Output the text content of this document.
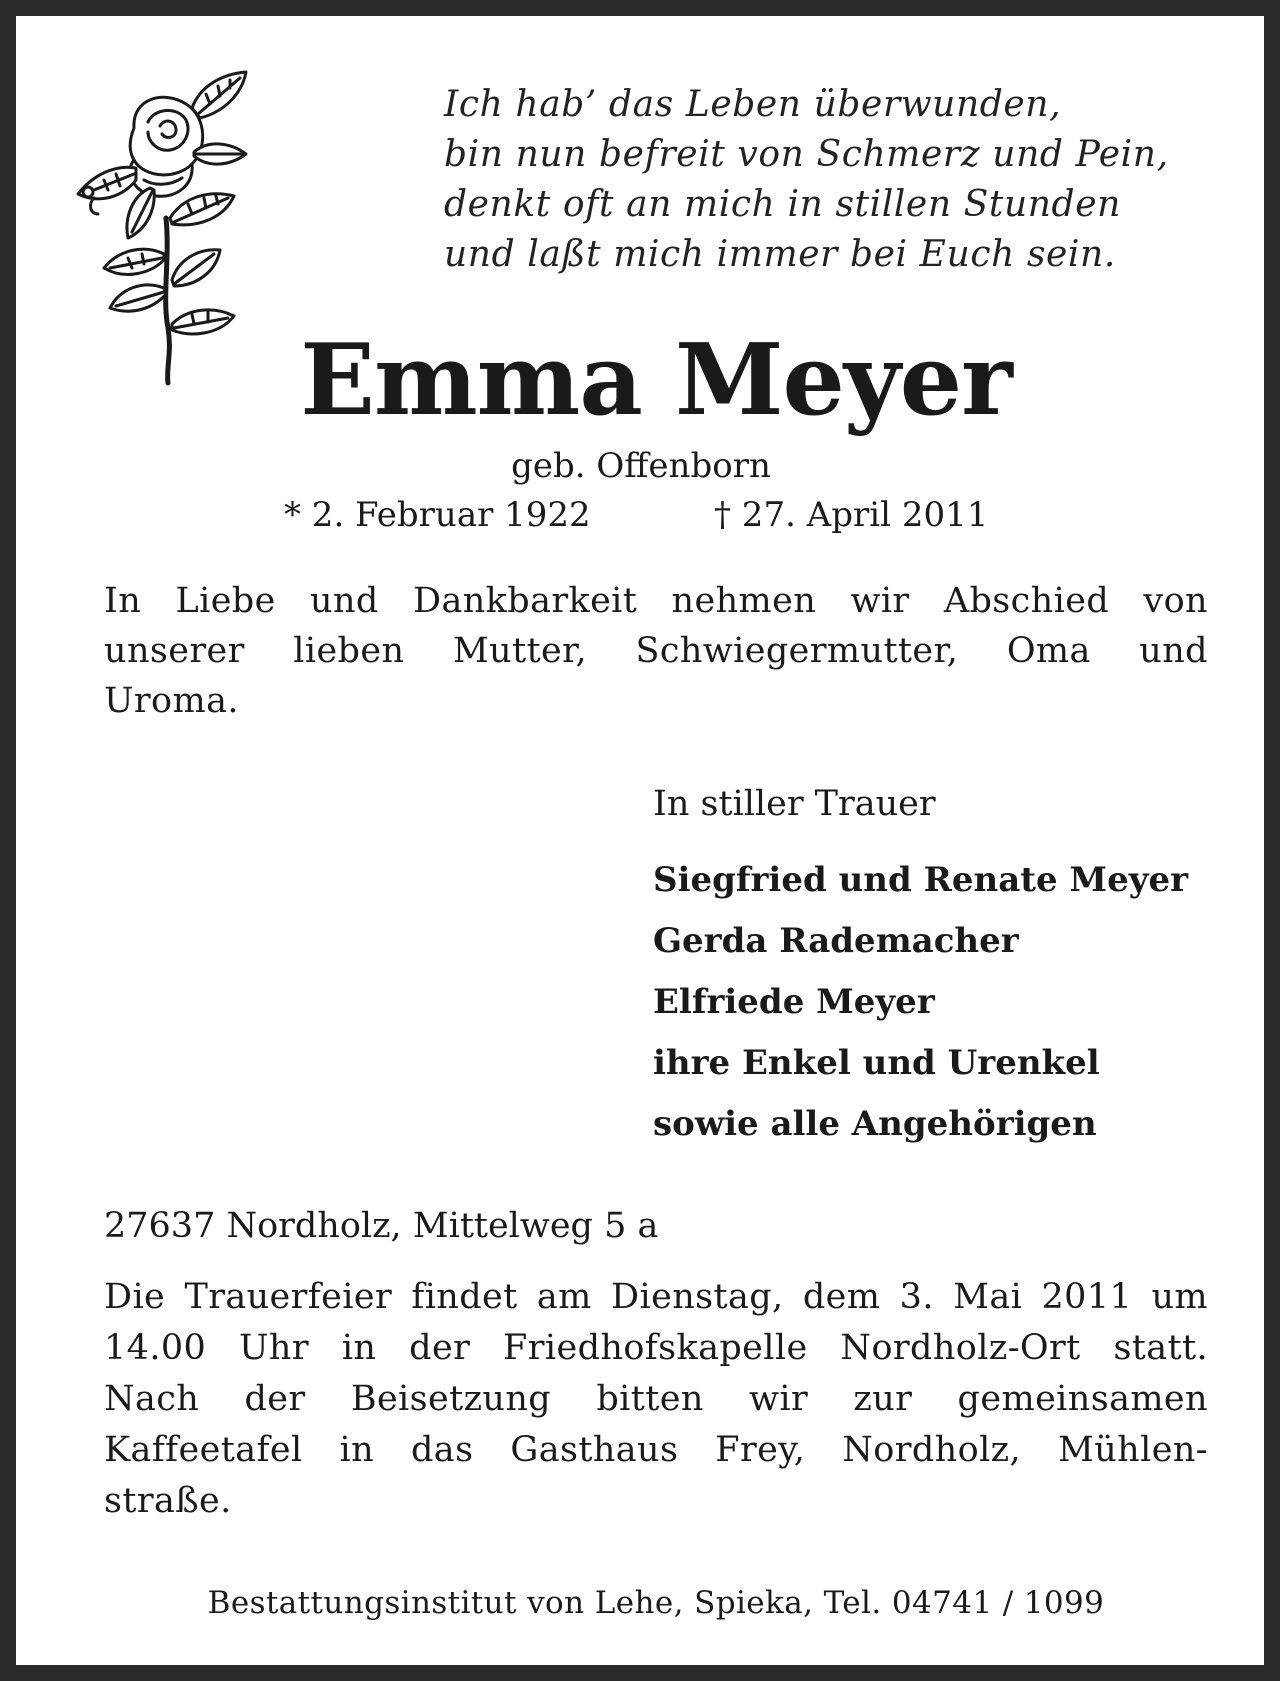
Ich hab’ das Leben überwunden,
bin nun befreit von Schmerz und Pein,
denkt oft an mich in stillen Stunden
und laßt mich immer bei Euch sein.
Emma Meyer
geb. Offenborn
* 2. Februar 1922	† 27. April 2011
In Liebe und Dankbarkeit nehmen wir Abschied von
unserer lieben Mutter, Schwiegermutter, Oma und
Uroma.
In stiller Trauer
Siegfried und Renate Meyer
Gerda Rademacher
Elfriede Meyer
ihre Enkel und Urenkel
sowie alle Angehörigen
27637 Nordholz, Mittelweg 5 a
Die Trauerfeier findet am Dienstag, dem 3. Mai 2011 um
14.00 Uhr in der Friedhofskapelle Nordholz-Ort statt.
Nach der Beisetzung bitten wir zur gemeinsamen
Kaffeetafel in das Gasthaus Frey, Nordholz, Mühlen-
straße.
Bestattungsinstitut von Lehe, Spieka, Tel. 04741 / 1099
